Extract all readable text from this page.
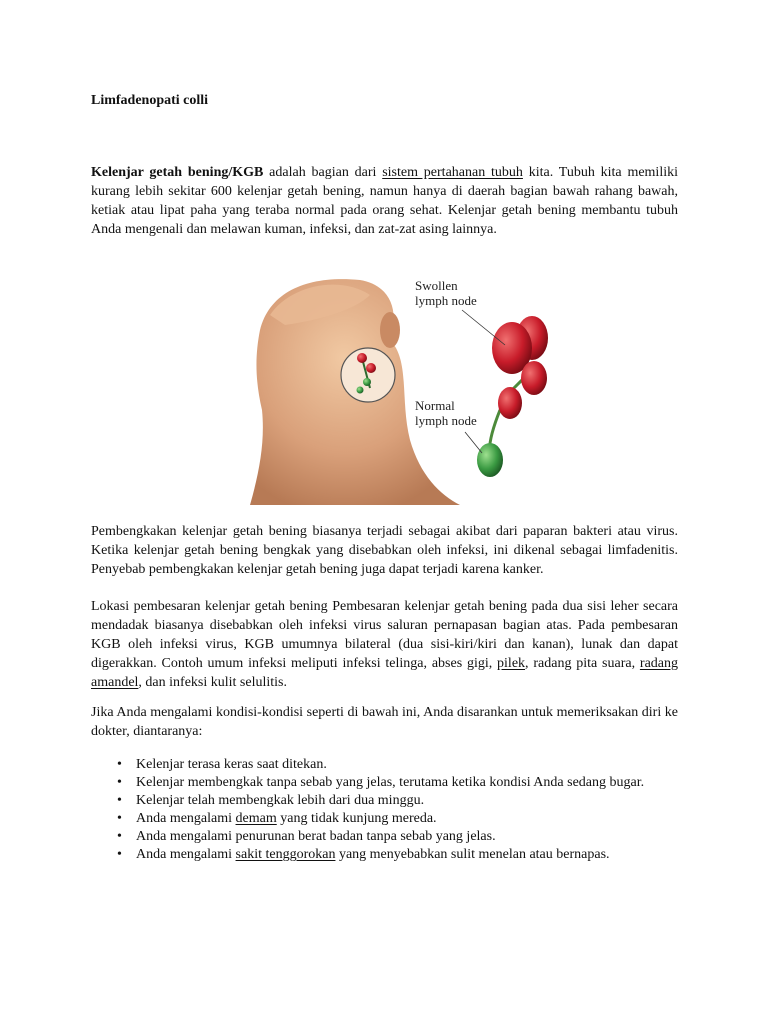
Limfadenopati colli

Kelenjar getah bening/KGB adalah bagian dari sistem pertahanan tubuh kita. Tubuh kita memiliki kurang lebih sekitar 600 kelenjar getah bening, namun hanya di daerah bagian bawah rahang bawah, ketiak atau lipat paha yang teraba normal pada orang sehat. Kelenjar getah bening membantu tubuh Anda mengenali dan melawan kuman, infeksi, dan zat-zat asing lainnya.

Swollen
lymph node
Normal
lymph node

Pembengkakan kelenjar getah bening biasanya terjadi sebagai akibat dari paparan bakteri atau virus. Ketika kelenjar getah bening bengkak yang disebabkan oleh infeksi, ini dikenal sebagai limfadenitis. Penyebab pembengkakan kelenjar getah bening juga dapat terjadi karena kanker.

Lokasi pembesaran kelenjar getah bening Pembesaran kelenjar getah bening pada dua sisi leher secara mendadak biasanya disebabkan oleh infeksi virus saluran pernapasan bagian atas. Pada pembesaran KGB oleh infeksi virus, KGB umumnya bilateral (dua sisi-kiri/kiri dan kanan), lunak dan dapat digerakkan. Contoh umum infeksi meliputi infeksi telinga, abses gigi, pilek, radang pita suara, radang amandel, dan infeksi kulit selulitis.

Jika Anda mengalami kondisi-kondisi seperti di bawah ini, Anda disarankan untuk memeriksakan diri ke dokter, diantaranya:

• Kelenjar terasa keras saat ditekan.
• Kelenjar membengkak tanpa sebab yang jelas, terutama ketika kondisi Anda sedang bugar.
• Kelenjar telah membengkak lebih dari dua minggu.
• Anda mengalami demam yang tidak kunjung mereda.
• Anda mengalami penurunan berat badan tanpa sebab yang jelas.
• Anda mengalami sakit tenggorokan yang menyebabkan sulit menelan atau bernapas.
